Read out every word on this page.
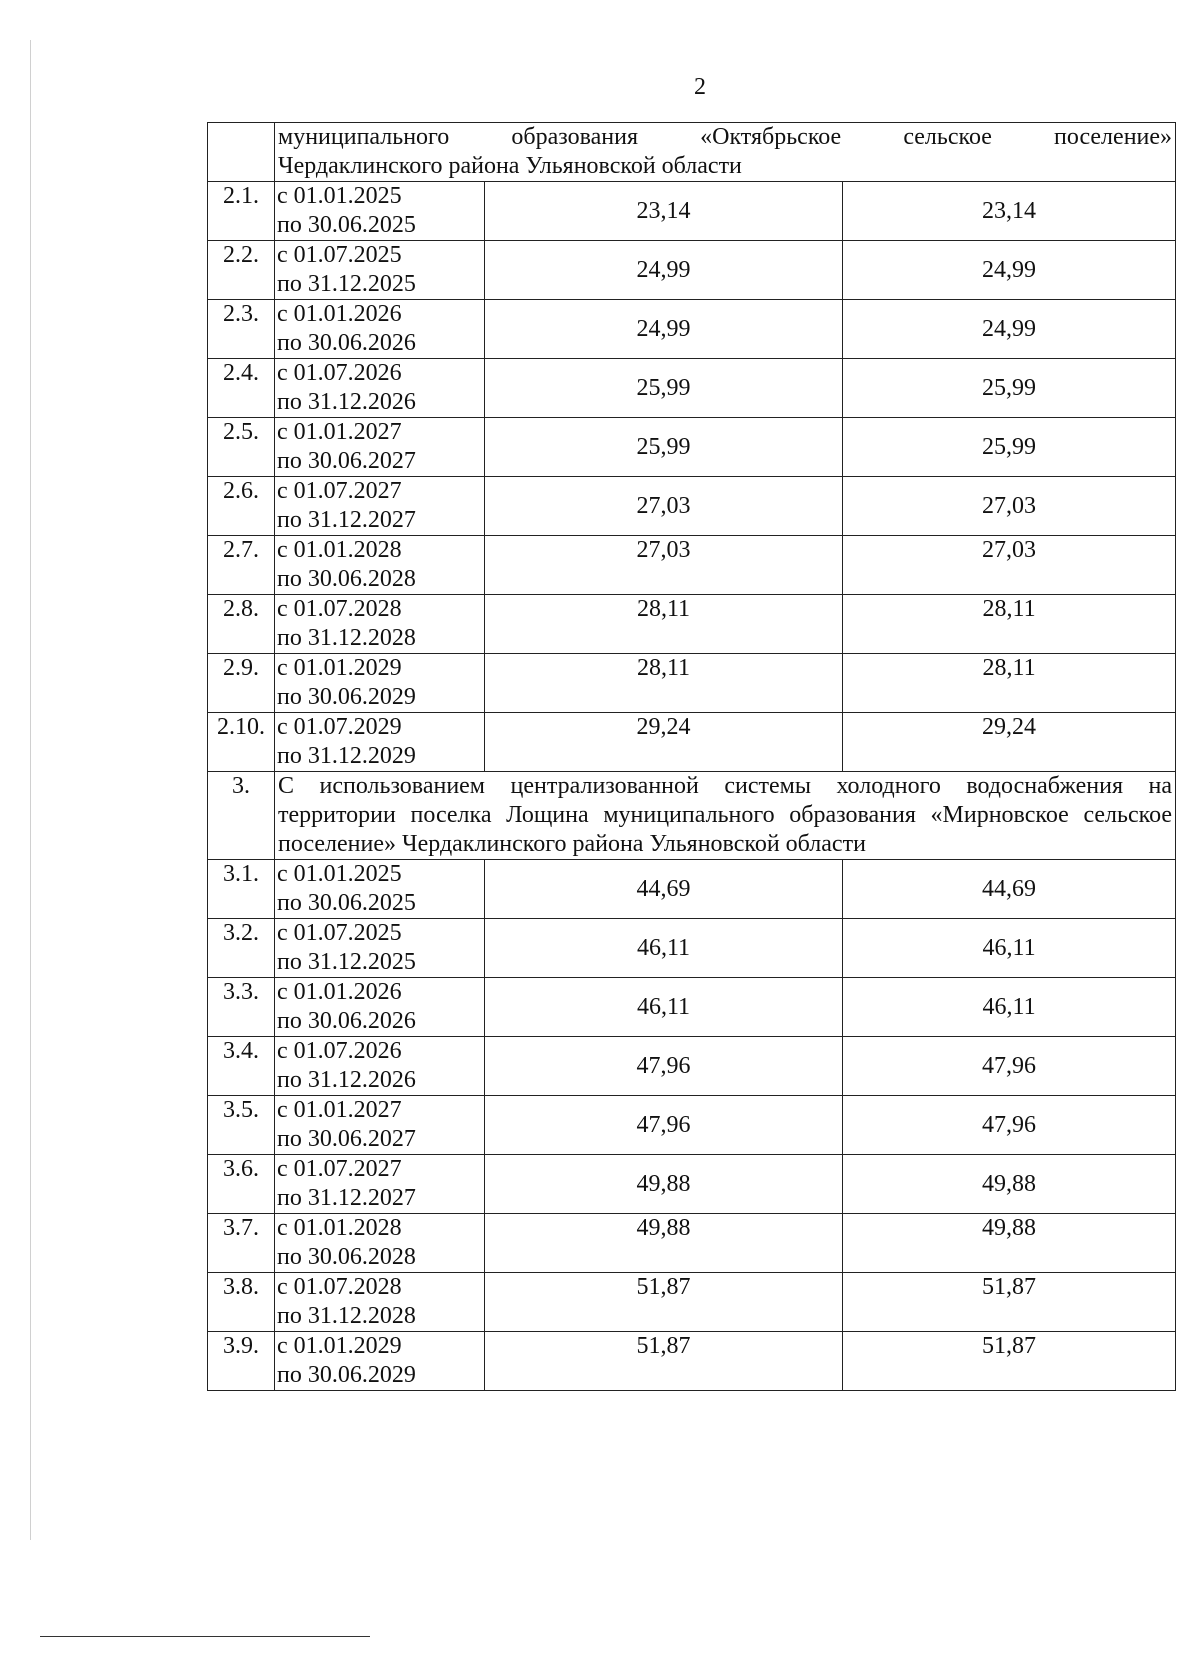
2

	муниципального образования «Октябрьское сельское поселение»
Чердаклинского района Ульяновской области		

2.1.	с 01.01.2025
по 30.06.2025	23,14	23,14
2.2.	с 01.07.2025
по 31.12.2025	24,99	24,99
2.3.	с 01.01.2026
по 30.06.2026	24,99	24,99
2.4.	с 01.07.2026
по 31.12.2026	25,99	25,99
2.5.	с 01.01.2027
по 30.06.2027	25,99	25,99
2.6.	с 01.07.2027
по 31.12.2027	27,03	27,03
2.7.	с 01.01.2028
по 30.06.2028	27,03	27,03
2.8.	с 01.07.2028
по 31.12.2028	28,11	28,11
2.9.	с 01.01.2029
по 30.06.2029	28,11	28,11
2.10.	с 01.07.2029
по 31.12.2029	29,24	29,24
3.	С использованием централизованной системы холодного водоснабжения на территории поселка Лощина муниципального образования «Мирновское сельское поселение» Чердаклинского района Ульяновской области		
3.1.	с 01.01.2025
по 30.06.2025	44,69	44,69
3.2.	с 01.07.2025
по 31.12.2025	46,11	46,11
3.3.	с 01.01.2026
по 30.06.2026	46,11	46,11
3.4.	с 01.07.2026
по 31.12.2026	47,96	47,96
3.5.	с 01.01.2027
по 30.06.2027	47,96	47,96
3.6.	с 01.07.2027
по 31.12.2027	49,88	49,88
3.7.	с 01.01.2028
по 30.06.2028	49,88	49,88
3.8.	с 01.07.2028
по 31.12.2028	51,87	51,87
3.9.	с 01.01.2029
по 30.06.2029	51,87	51,87
